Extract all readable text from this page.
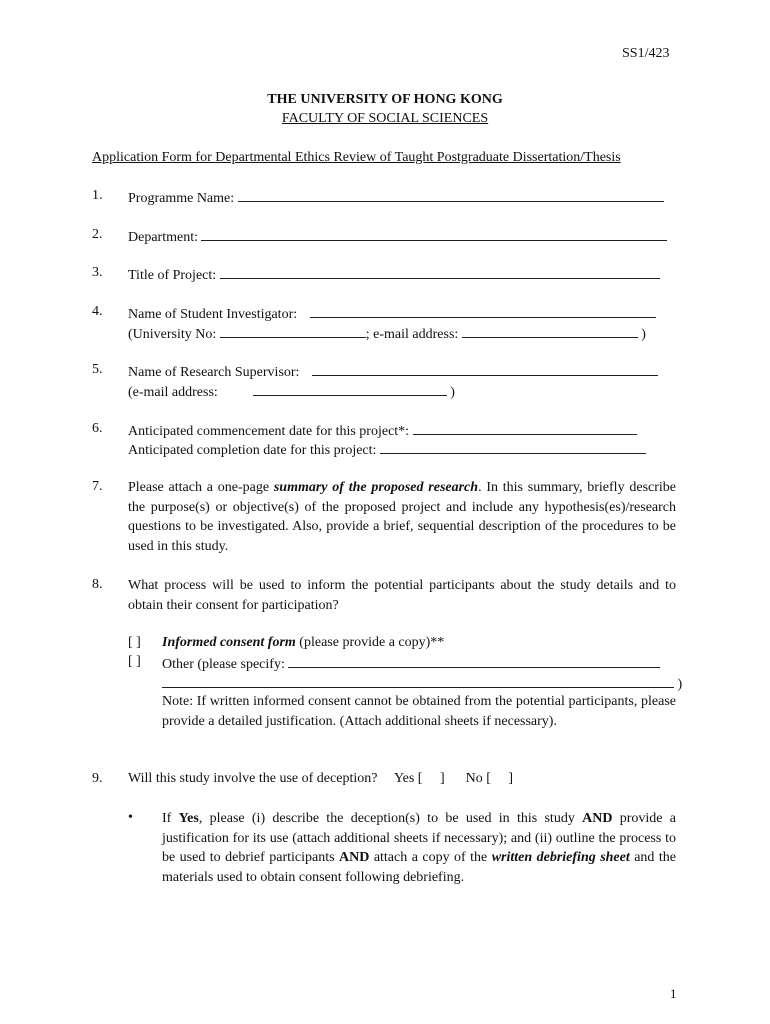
SS1/423
THE UNIVERSITY OF HONG KONG
FACULTY OF SOCIAL SCIENCES
Application Form for Departmental Ethics Review of Taught Postgraduate Dissertation/Thesis
1. Programme Name:
2. Department:
3. Title of Project:
4. Name of Student Investigator:
(University No:	; e-mail address:	)
5. Name of Research Supervisor:
(e-mail address:	)
6. Anticipated commencement date for this project*:
Anticipated completion date for this project:
7. Please attach a one-page summary of the proposed research. In this summary, briefly describe the purpose(s) or objective(s) of the proposed project and include any hypothesis(es)/research questions to be investigated. Also, provide a brief, sequential description of the procedures to be used in this study.
8. What process will be used to inform the potential participants about the study details and to obtain their consent for participation?
[ ] Informed consent form (please provide a copy)**
[ ] Other (please specify:
)
Note: If written informed consent cannot be obtained from the potential participants, please provide a detailed justification. (Attach additional sheets if necessary).
9. Will this study involve the use of deception? Yes [     ] No [     ]
• If Yes, please (i) describe the deception(s) to be used in this study AND provide a justification for its use (attach additional sheets if necessary); and (ii) outline the process to be used to debrief participants AND attach a copy of the written debriefing sheet and the materials used to obtain consent following debriefing.
1
